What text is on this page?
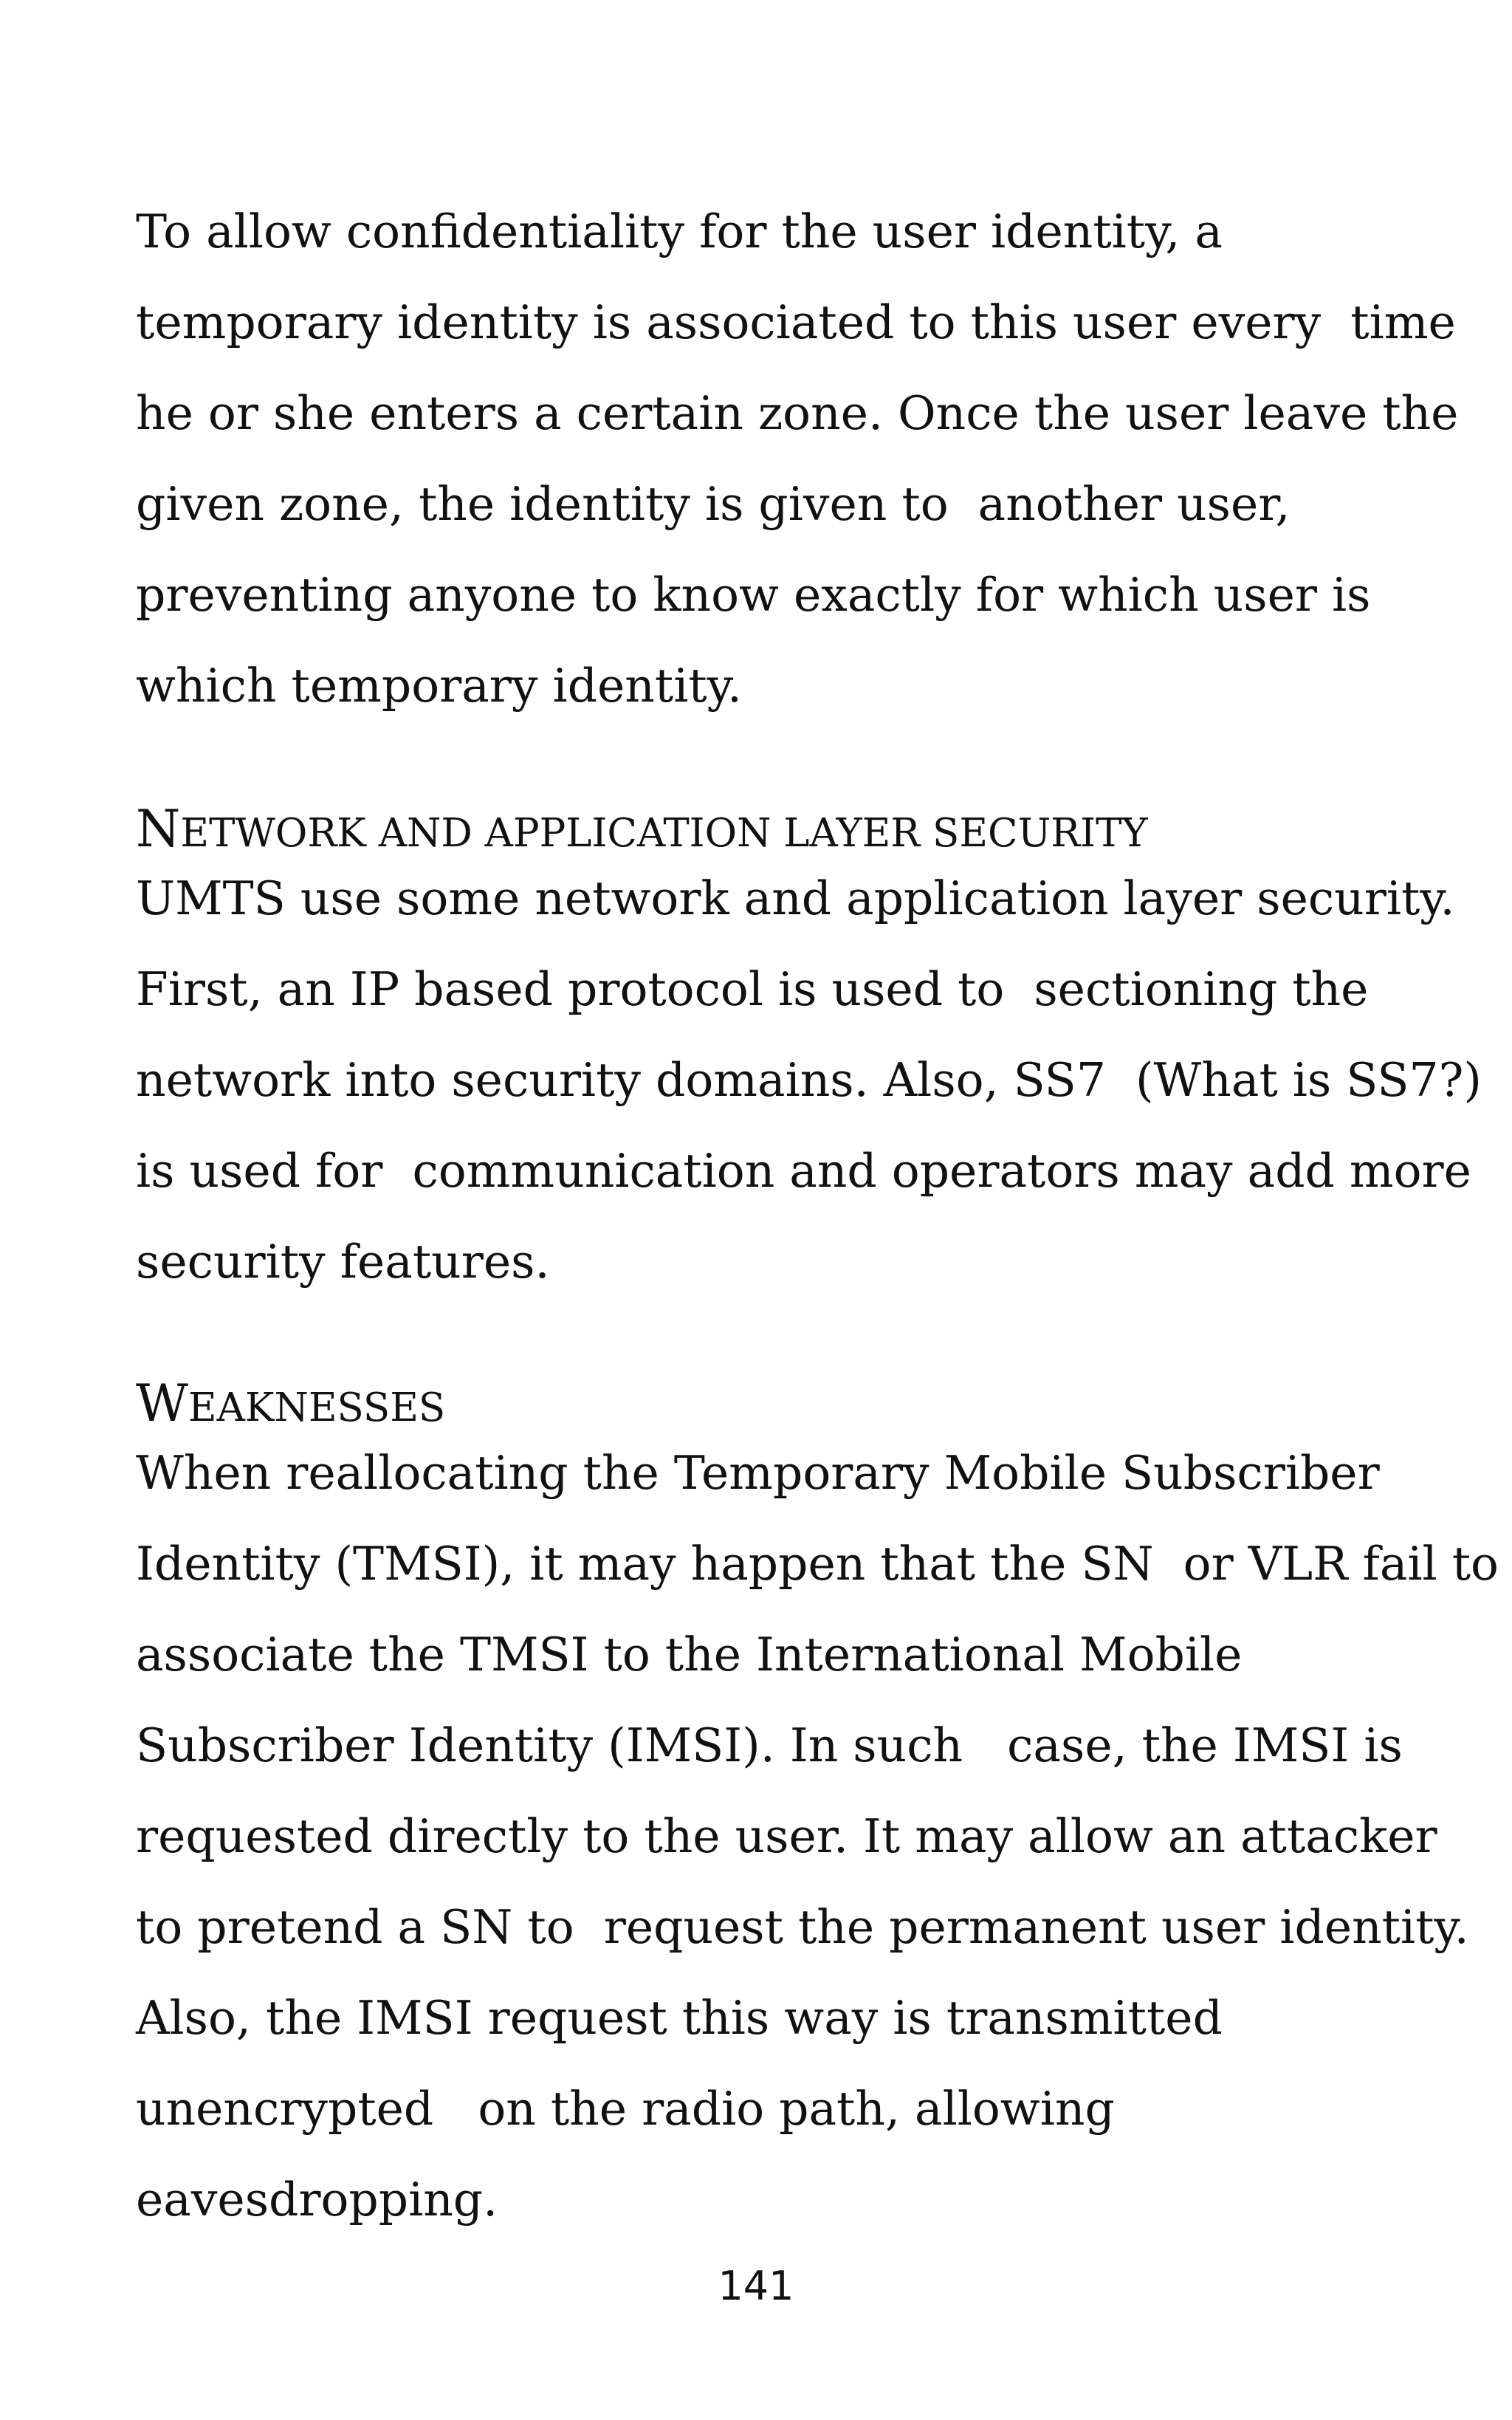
To allow confidentiality for the user identity, a
temporary identity is associated to this user every  time
he or she enters a certain zone. Once the user leave the
given zone, the identity is given to  another user,
preventing anyone to know exactly for which user is
which temporary identity.

NETWORK AND APPLICATION LAYER SECURITY

UMTS use some network and application layer security.
First, an IP based protocol is used to  sectioning the
network into security domains. Also, SS7  (What is SS7?)
is used for  communication and operators may add more
security features.

WEAKNESSES

When reallocating the Temporary Mobile Subscriber
Identity (TMSI), it may happen that the SN  or VLR fail to
associate the TMSI to the International Mobile
Subscriber Identity (IMSI). In such   case, the IMSI is
requested directly to the user. It may allow an attacker
to pretend a SN to  request the permanent user identity.
Also, the IMSI request this way is transmitted
unencrypted   on the radio path, allowing
eavesdropping.

141
